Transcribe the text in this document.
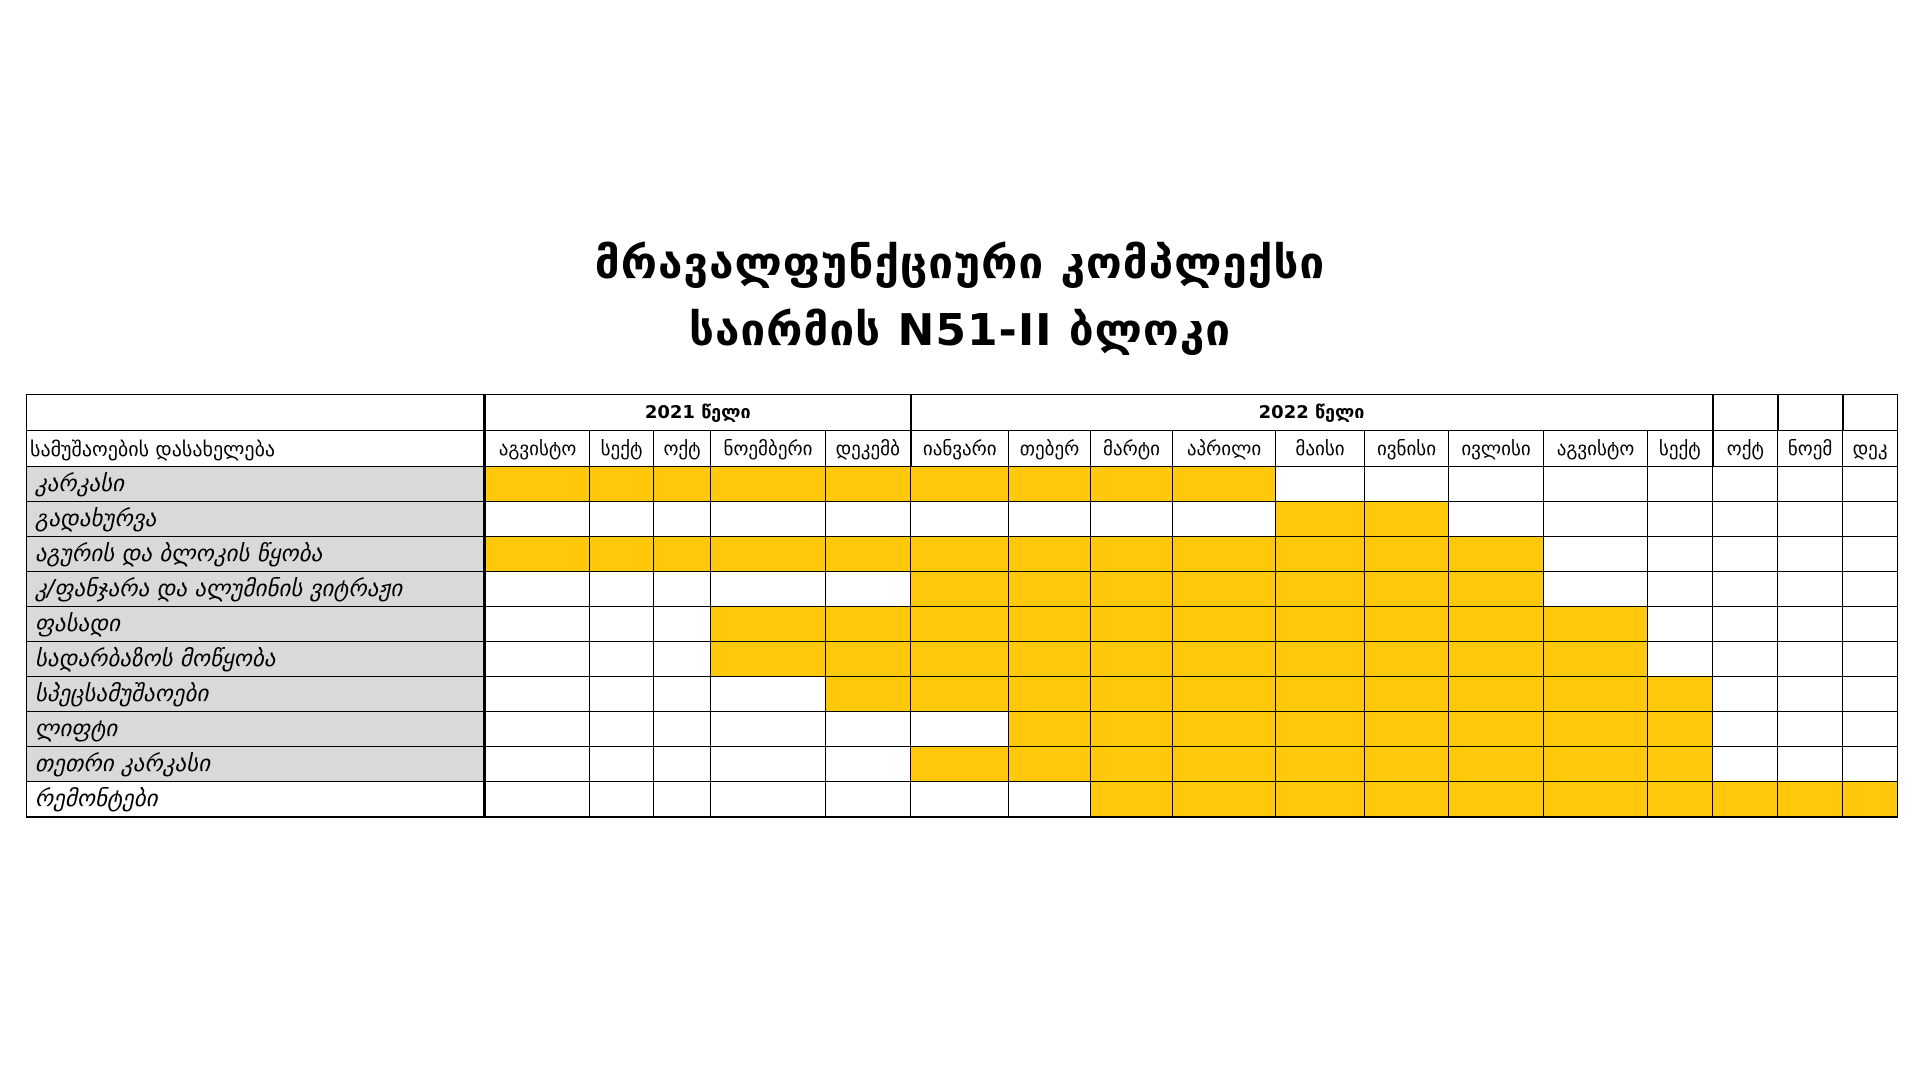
მრავალფუნქციური კომპლექსი
საირმის N51-II ბლოკი
	2021 წელი					2022 წელი											
სამუშაოების დასახელება	აგვისტო	სექტ	ოქტ	ნოემბერი	დეკემბ	იანვარი	თებერ	მარტი	აპრილი	მაისი	ივნისი	ივლისი	აგვისტო	სექტ	ოქტ	ნოემ	დეკ
კარკასი																	
გადახურვა																	
აგურის და ბლოკის წყობა																	
კ/ფანჯარა და ალუმინის ვიტრაჟი																	
ფასადი																	
სადარბაზოს მოწყობა																	
სპეცსამუშაოები																	
ლიფტი																	
თეთრი კარკასი																	
რემონტები																	
